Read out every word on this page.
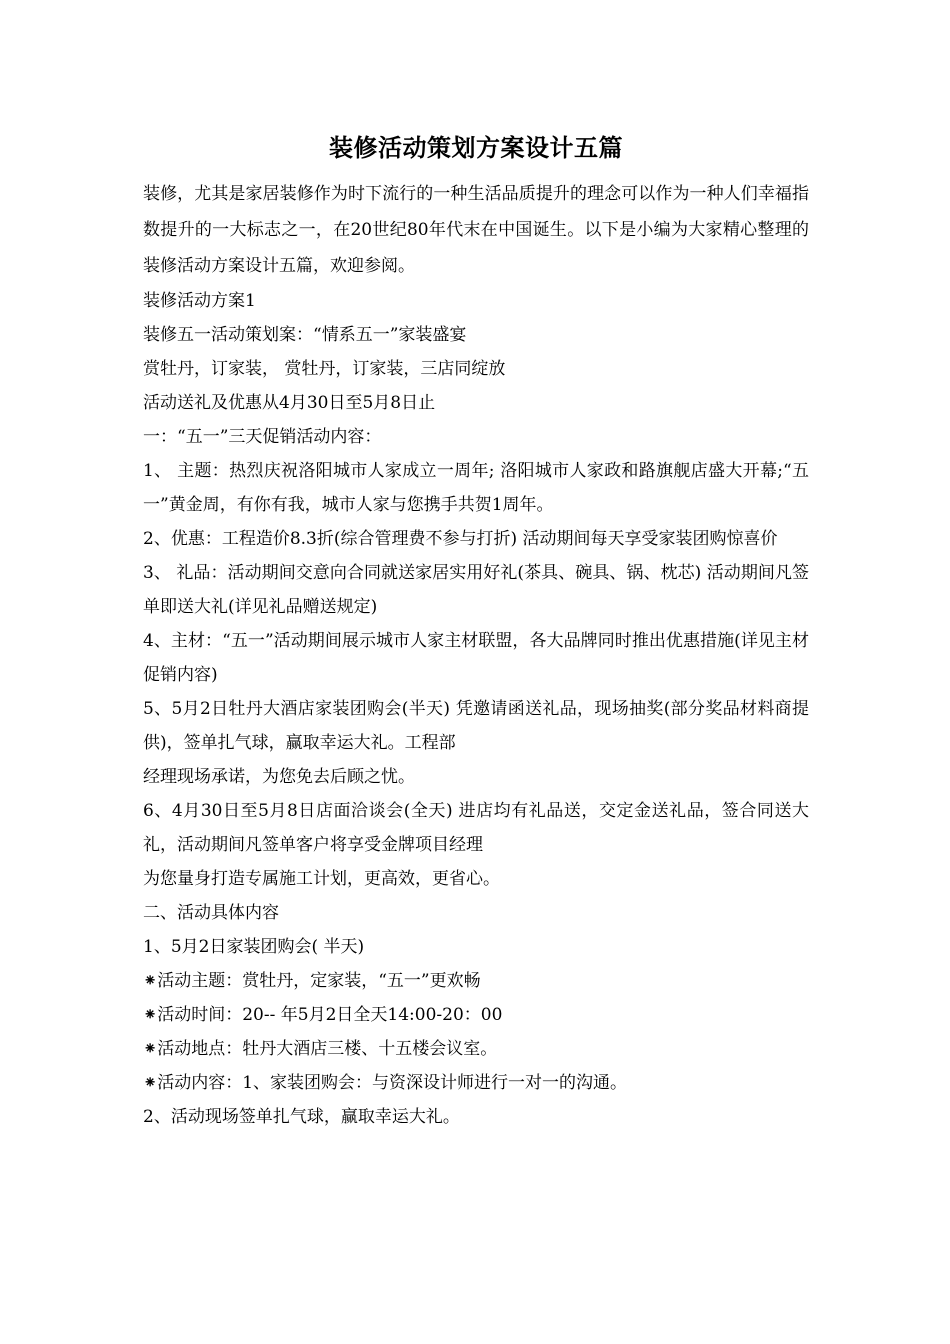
装修活动策划方案设计五篇

装修，尤其是家居装修作为时下流行的一种生活品质提升的理念可以作为一种人们幸福指数提升的一大标志之一，在20世纪80年代末在中国诞生。以下是小编为大家精心整理的装修活动方案设计五篇，欢迎参阅。

装修活动方案1

装修五一活动策划案：“情系五一”家装盛宴

赏牡丹，订家装， 赏牡丹，订家装，三店同绽放

活动送礼及优惠从4月30日至5月8日止

一：“五一”三天促销活动内容：

1、 主题：热烈庆祝洛阳城市人家成立一周年; 洛阳城市人家政和路旗舰店盛大开幕;“五一”黄金周，有你有我，城市人家与您携手共贺1周年。

2、优惠：工程造价8.3折(综合管理费不参与打折) 活动期间每天享受家装团购惊喜价

3、 礼品：活动期间交意向合同就送家居实用好礼(茶具、碗具、锅、枕芯) 活动期间凡签单即送大礼(详见礼品赠送规定)

4、主材：“五一”活动期间展示城市人家主材联盟，各大品牌同时推出优惠措施(详见主材 促销内容)

5、5月2日牡丹大酒店家装团购会(半天) 凭邀请函送礼品，现场抽奖(部分奖品材料商提供)，签单扎气球，赢取幸运大礼。工程部

经理现场承诺，为您免去后顾之忧。

6、4月30日至5月8日店面洽谈会(全天) 进店均有礼品送，交定金送礼品，签合同送大礼，活动期间凡签单客户将享受金牌项目经理

为您量身打造专属施工计划，更高效，更省心。

二、活动具体内容

1、5月2日家装团购会( 半天)

⁕活动主题：赏牡丹，定家装，“五一”更欢畅

⁕活动时间：20-- 年5月2日全天14:00-20：00

⁕活动地点：牡丹大酒店三楼、十五楼会议室。

⁕活动内容：1、家装团购会：与资深设计师进行一对一的沟通。

2、活动现场签单扎气球，赢取幸运大礼。
